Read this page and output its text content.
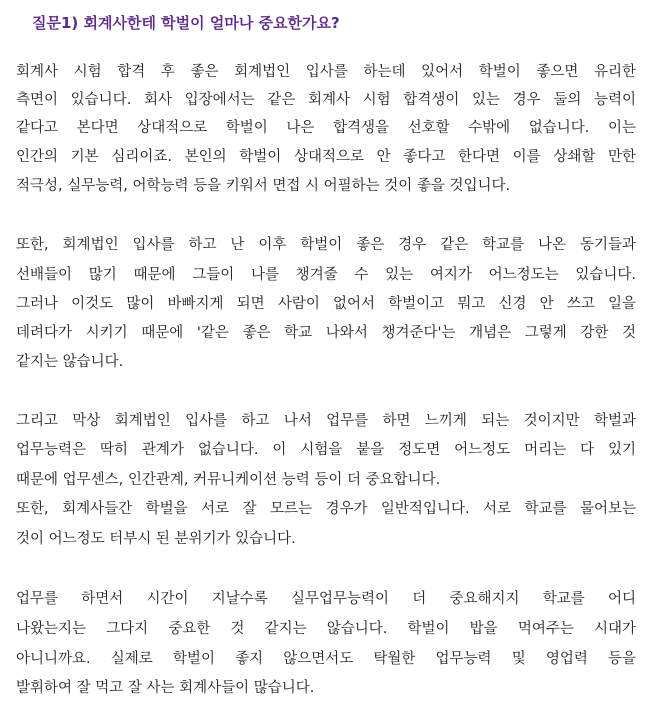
질문1) 회계사한테 학벌이 얼마나 중요한가요?

회계사 시험 합격 후 좋은 회계법인 입사를 하는데 있어서 학벌이 좋으면 유리한

측면이 있습니다. 회사 입장에서는 같은 회계사 시험 합격생이 있는 경우 둘의 능력이

같다고 본다면 상대적으로 학벌이 나은 합격생을 선호할 수밖에 없습니다. 이는

인간의 기본 심리이죠. 본인의 학벌이 상대적으로 안 좋다고 한다면 이를 상쇄할 만한

적극성, 실무능력, 어학능력 등을 키워서 면접 시 어필하는 것이 좋을 것입니다.

또한, 회계법인 입사를 하고 난 이후 학벌이 좋은 경우 같은 학교를 나온 동기들과

선배들이 많기 때문에 그들이 나를 챙겨줄 수 있는 여지가 어느정도는 있습니다.

그러나 이것도 많이 바빠지게 되면 사람이 없어서 학벌이고 뭐고 신경 안 쓰고 일을

데려다가 시키기 때문에 '같은 좋은 학교 나와서 챙겨준다'는 개념은 그렇게 강한 것

같지는 않습니다.

그리고 막상 회계법인 입사를 하고 나서 업무를 하면 느끼게 되는 것이지만 학벌과

업무능력은 딱히 관계가 없습니다. 이 시험을 붙을 정도면 어느정도 머리는 다 있기

때문에 업무센스, 인간관계, 커뮤니케이션 능력 등이 더 중요합니다.

또한, 회계사들간 학벌을 서로 잘 모르는 경우가 일반적입니다. 서로 학교를 물어보는

것이 어느정도 터부시 된 분위기가 있습니다.

업무를 하면서 시간이 지날수록 실무업무능력이 더 중요해지지 학교를 어디

나왔는지는 그다지 중요한 것 같지는 않습니다. 학벌이 밥을 먹여주는 시대가

아니니까요. 실제로 학벌이 좋지 않으면서도 탁월한 업무능력 및 영업력 등을

발휘하여 잘 먹고 잘 사는 회계사들이 많습니다.
